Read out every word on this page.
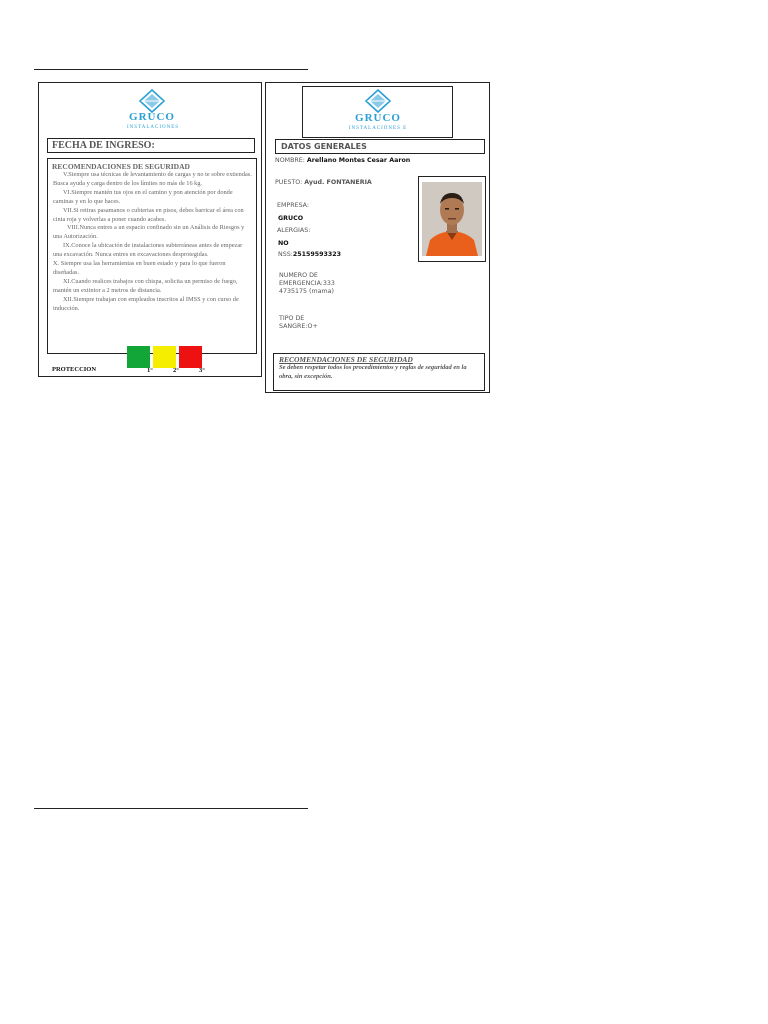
GRUCO
INSTALACIONES
FECHA DE INGRESO:
RECOMENDACIONES DE SEGURIDAD

V.Siempre usa técnicas de levantamiento de cargas y no te sobre extiendas. Busca ayuda y carga dentro de los límites no más de 16 kg.

VI.Siempre mantén tus ojos en el camino y pon atención por donde caminas y en lo que haces.

VII.Si retiras pasamanos o cubiertas en pisos, debes barricar el área con cinta roja y volverlas a poner cuando acabes.

VIII.Nunca entres a un espacio confinado sin un Análisis de Riesgos y una Autorización.

IX.Conoce la ubicación de instalaciones subterráneas antes de empezar una excavación. Nunca entres en excavaciones desprotegidas.

X. Siempre usa las herramientas en buen estado y para lo que fueron diseñadas.

XI.Cuando realices trabajos con chispa, solicita un permiso de fuego, mantén un extintor a 2 metros de distancia.

XII.Siempre trabajan con empleados inscritos al IMSS y con curso de inducción.

PROTECCION	1°	2°	3°
GRUCO
INSTALACIONES E
DATOS GENERALES
NOMBRE: Arellano Montes Cesar Aaron
PUESTO: Ayud. FONTANERIA
EMPRESA:
GRUCO
ALERGIAS:
NO
NSS:25159593323
NUMERO DE
EMERGENCIA:333
4735175 (mama)
TIPO DE
SANGRE:O+
RECOMENDACIONES DE SEGURIDAD
Se deben respetar todos los procedimientos y reglas de seguridad en la obra, sin excepción.
